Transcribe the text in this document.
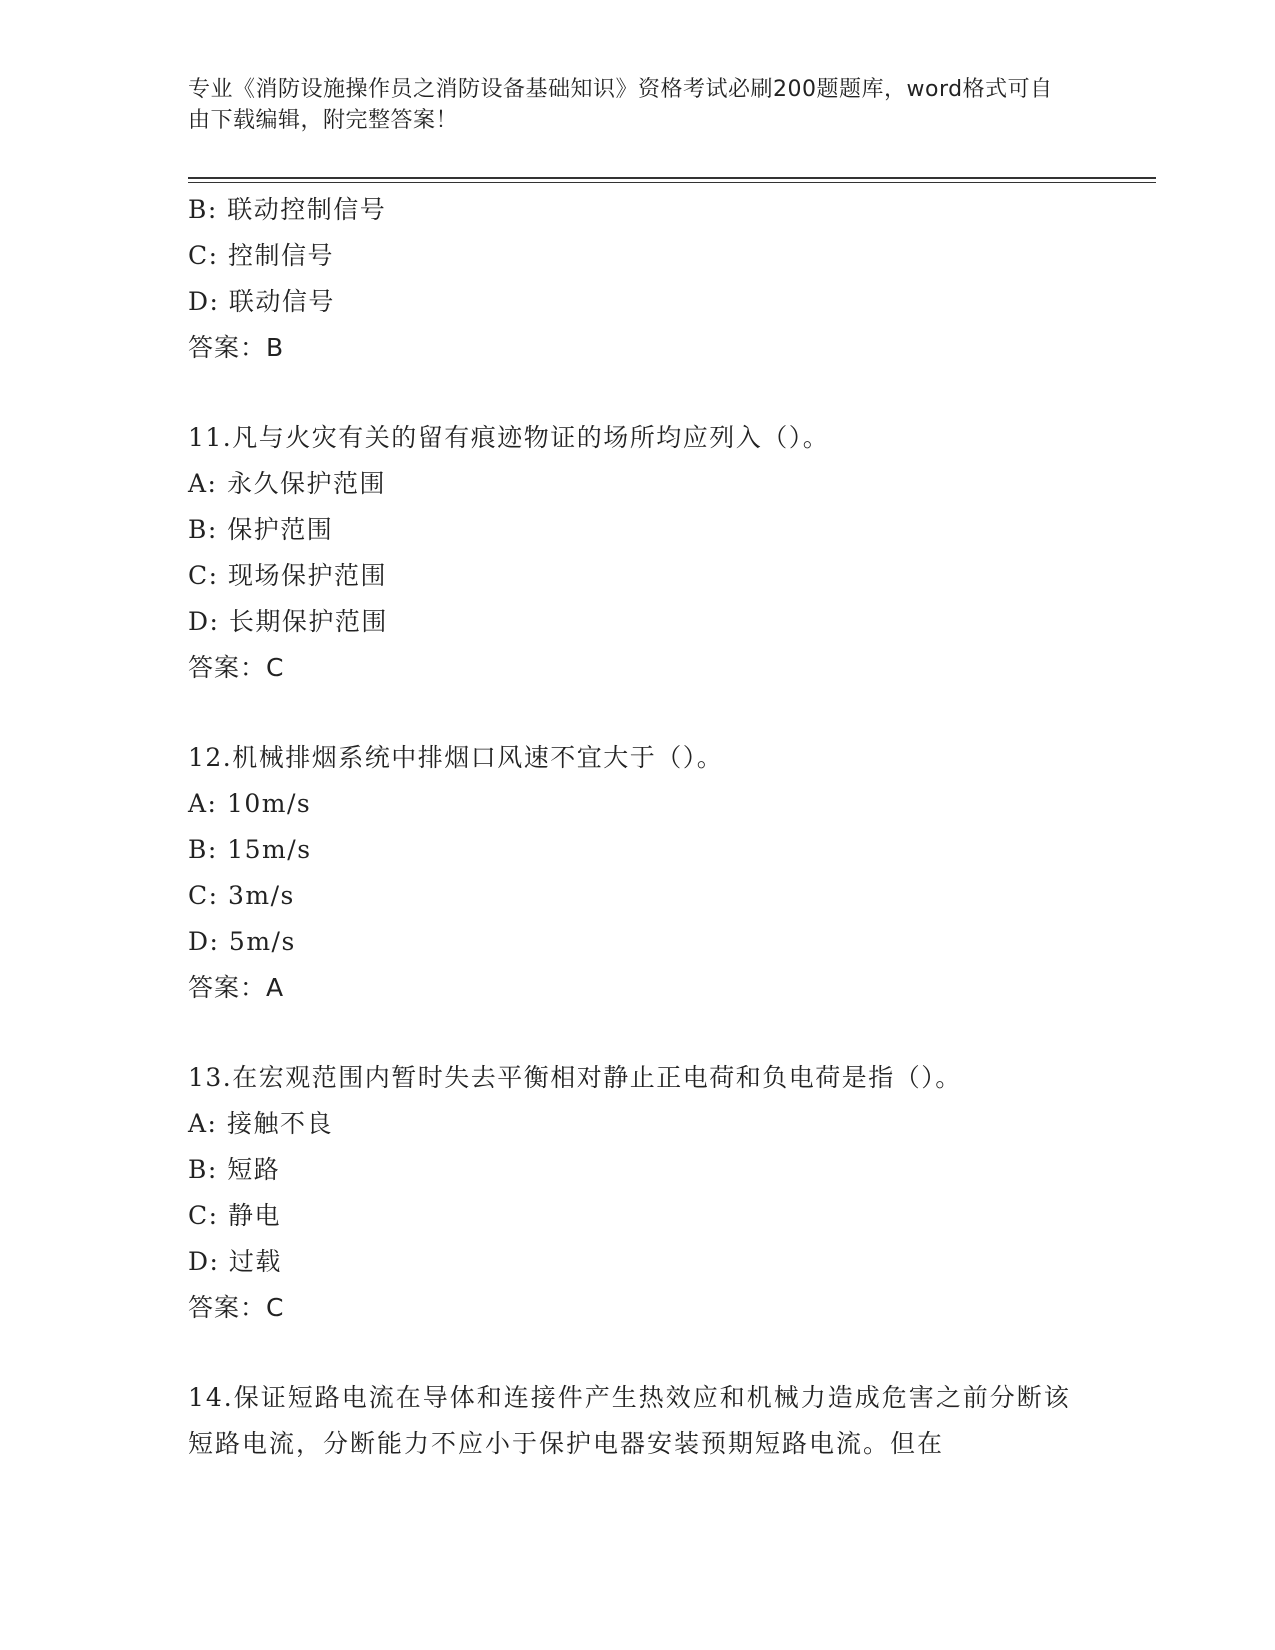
专业《消防设施操作员之消防设备基础知识》资格考试必刷200题题库，word格式可自由下载编辑，附完整答案！
B: 联动控制信号
C: 控制信号
D: 联动信号
答案：B
11.凡与火灾有关的留有痕迹物证的场所均应列入（）。
A: 永久保护范围
B: 保护范围
C: 现场保护范围
D: 长期保护范围
答案：C
12.机械排烟系统中排烟口风速不宜大于（）。
A: 10m/s
B: 15m/s
C: 3m/s
D: 5m/s
答案：A
13.在宏观范围内暂时失去平衡相对静止正电荷和负电荷是指（）。
A: 接触不良
B: 短路
C: 静电
D: 过载
答案：C
14.保证短路电流在导体和连接件产生热效应和机械力造成危害之前分断该短路电流，分断能力不应小于保护电器安装预期短路电流。但在
